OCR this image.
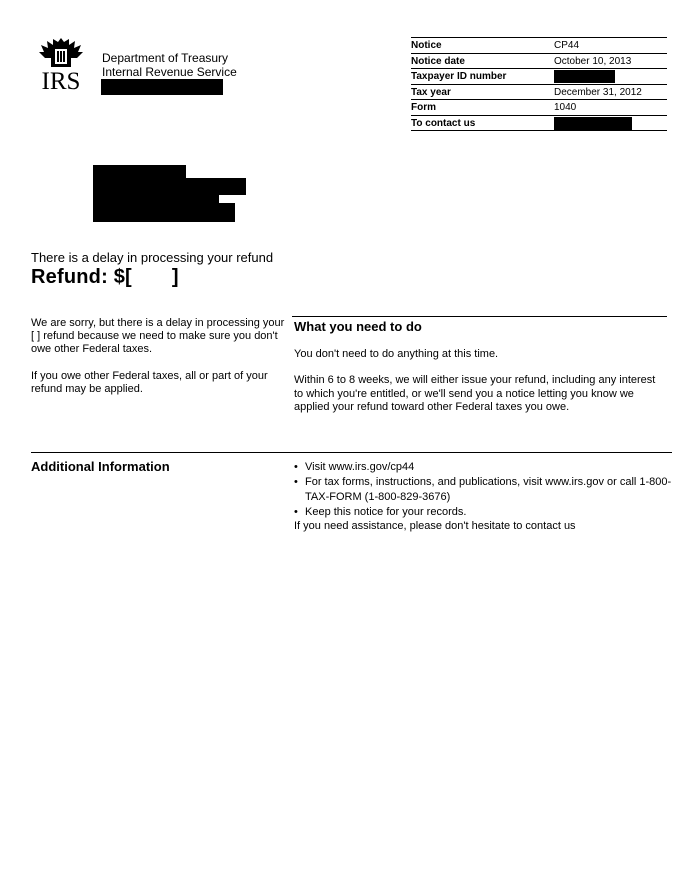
IRS
Department of Treasury
Internal Revenue Service
Notice	CP44
Notice date	October 10, 2013
Taxpayer ID number	

Tax year	December 31, 2012
Form	1040
To contact us	
There is a delay in processing your refund
Refund: $[ ]
We are sorry, but there is a delay in processing your [ ] refund because we need to make sure you don't owe other Federal taxes.
If you owe other Federal taxes, all or part of your refund may be applied.
What you need to do
You don't need to do anything at this time.
Within 6 to 8 weeks, we will either issue your refund, including any interest to which you're entitled, or we'll send you a notice letting you know we applied your refund toward other Federal taxes you owe.
Additional Information	• Visit www.irs.gov/cp44
• For tax forms, instructions, and publications, visit www.irs.gov or call 1-800-TAX-FORM (1-800-829-3676)
• Keep this notice for your records.
If you need assistance, please don't hesitate to contact us
